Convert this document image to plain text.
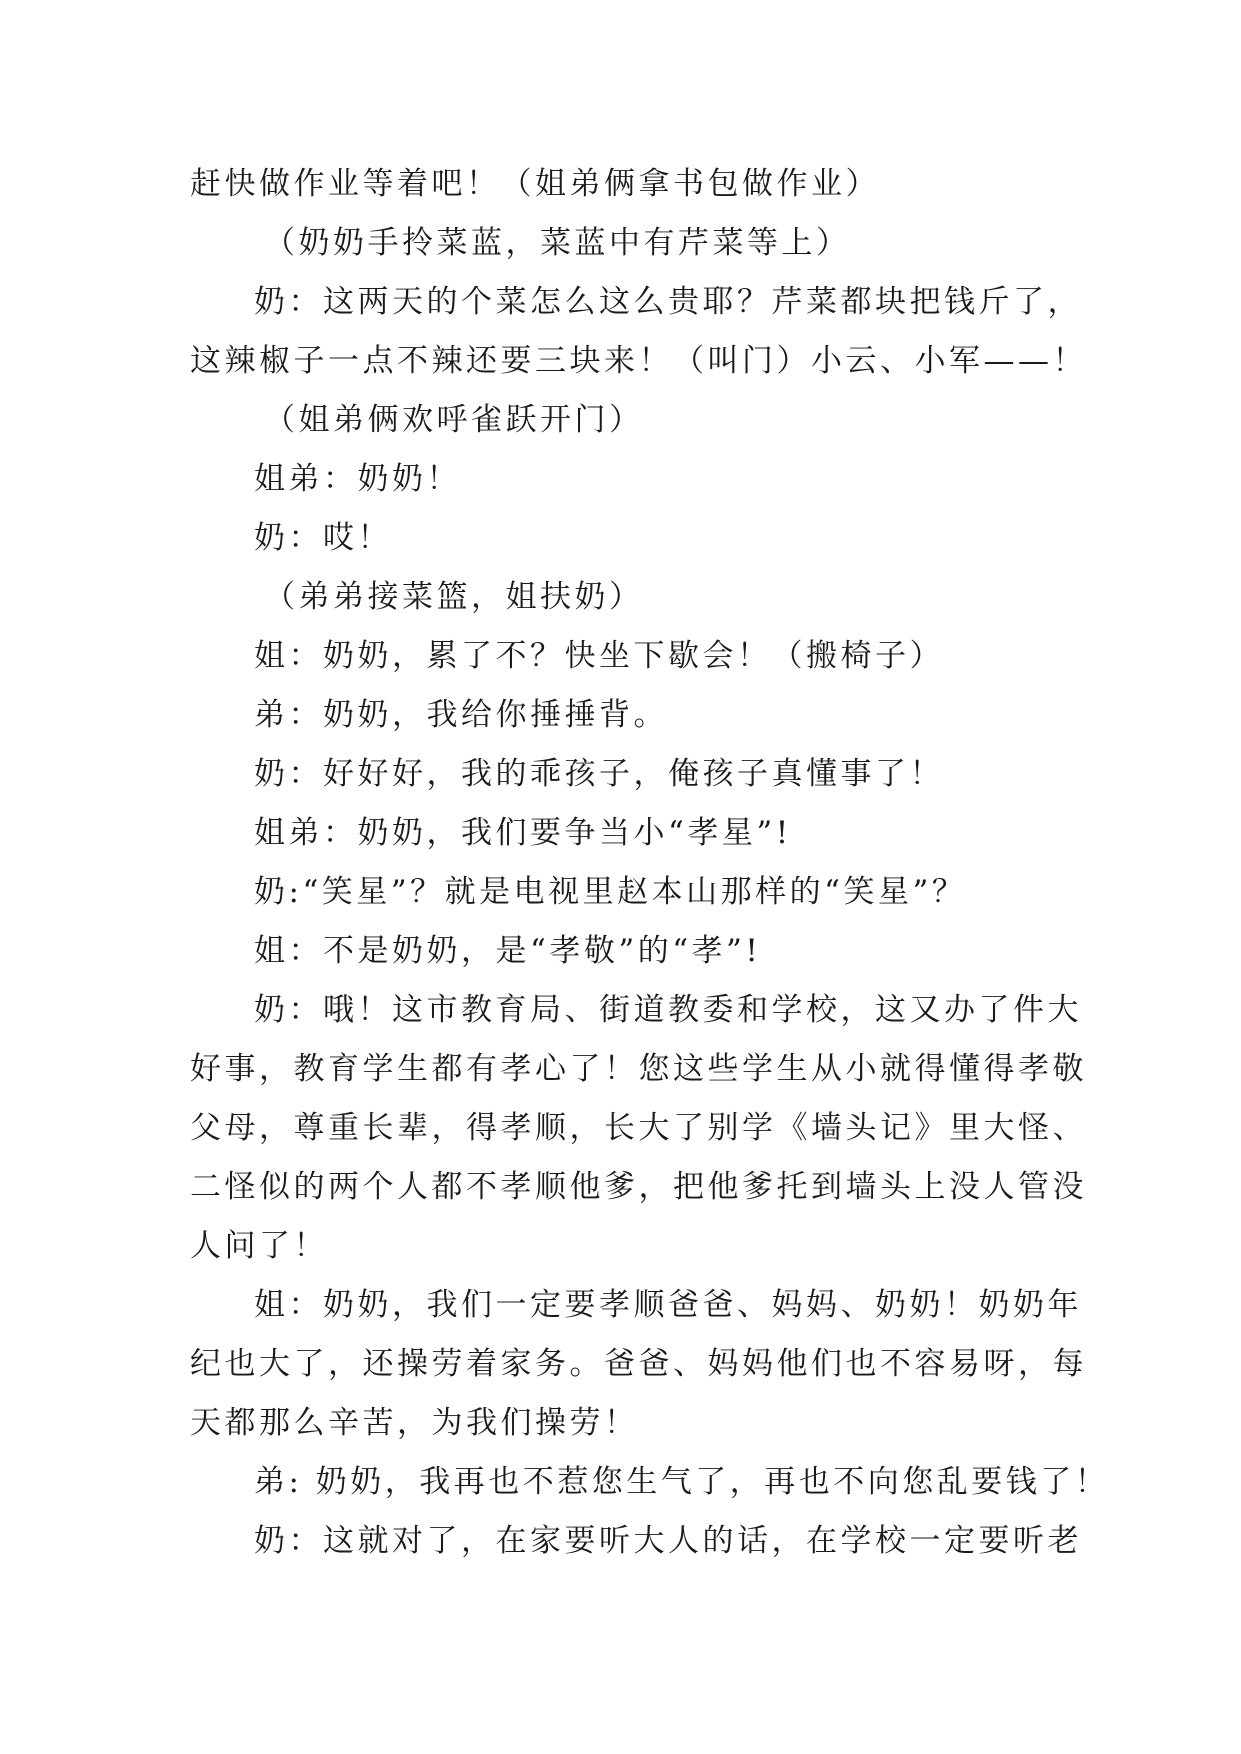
赶快做作业等着吧！（姐弟俩拿书包做作业）
（奶奶手拎菜蓝，菜蓝中有芹菜等上）
奶：这两天的个菜怎么这么贵耶？芹菜都块把钱斤了，
这辣椒子一点不辣还要三块来！（叫门）小云、小军——！
（姐弟俩欢呼雀跃开门）
姐弟：奶奶！
奶：哎！
（弟弟接菜篮，姐扶奶）
姐：奶奶，累了不？快坐下歇会！（搬椅子）
弟：奶奶，我给你捶捶背。
奶：好好好，我的乖孩子，俺孩子真懂事了！
姐弟：奶奶，我们要争当小“孝星”!
奶:“笑星”？就是电视里赵本山那样的“笑星”？
姐：不是奶奶，是“孝敬”的“孝”!
奶：哦！这市教育局、街道教委和学校，这又办了件大
好事，教育学生都有孝心了！您这些学生从小就得懂得孝敬
父母，尊重长辈，得孝顺，长大了别学《墙头记》里大怪、
二怪似的两个人都不孝顺他爹，把他爹托到墙头上没人管没
人问了！
姐：奶奶，我们一定要孝顺爸爸、妈妈、奶奶！奶奶年
纪也大了，还操劳着家务。爸爸、妈妈他们也不容易呀，每
天都那么辛苦，为我们操劳！
弟: 奶奶，我再也不惹您生气了，再也不向您乱要钱了！
奶：这就对了，在家要听大人的话，在学校一定要听老
